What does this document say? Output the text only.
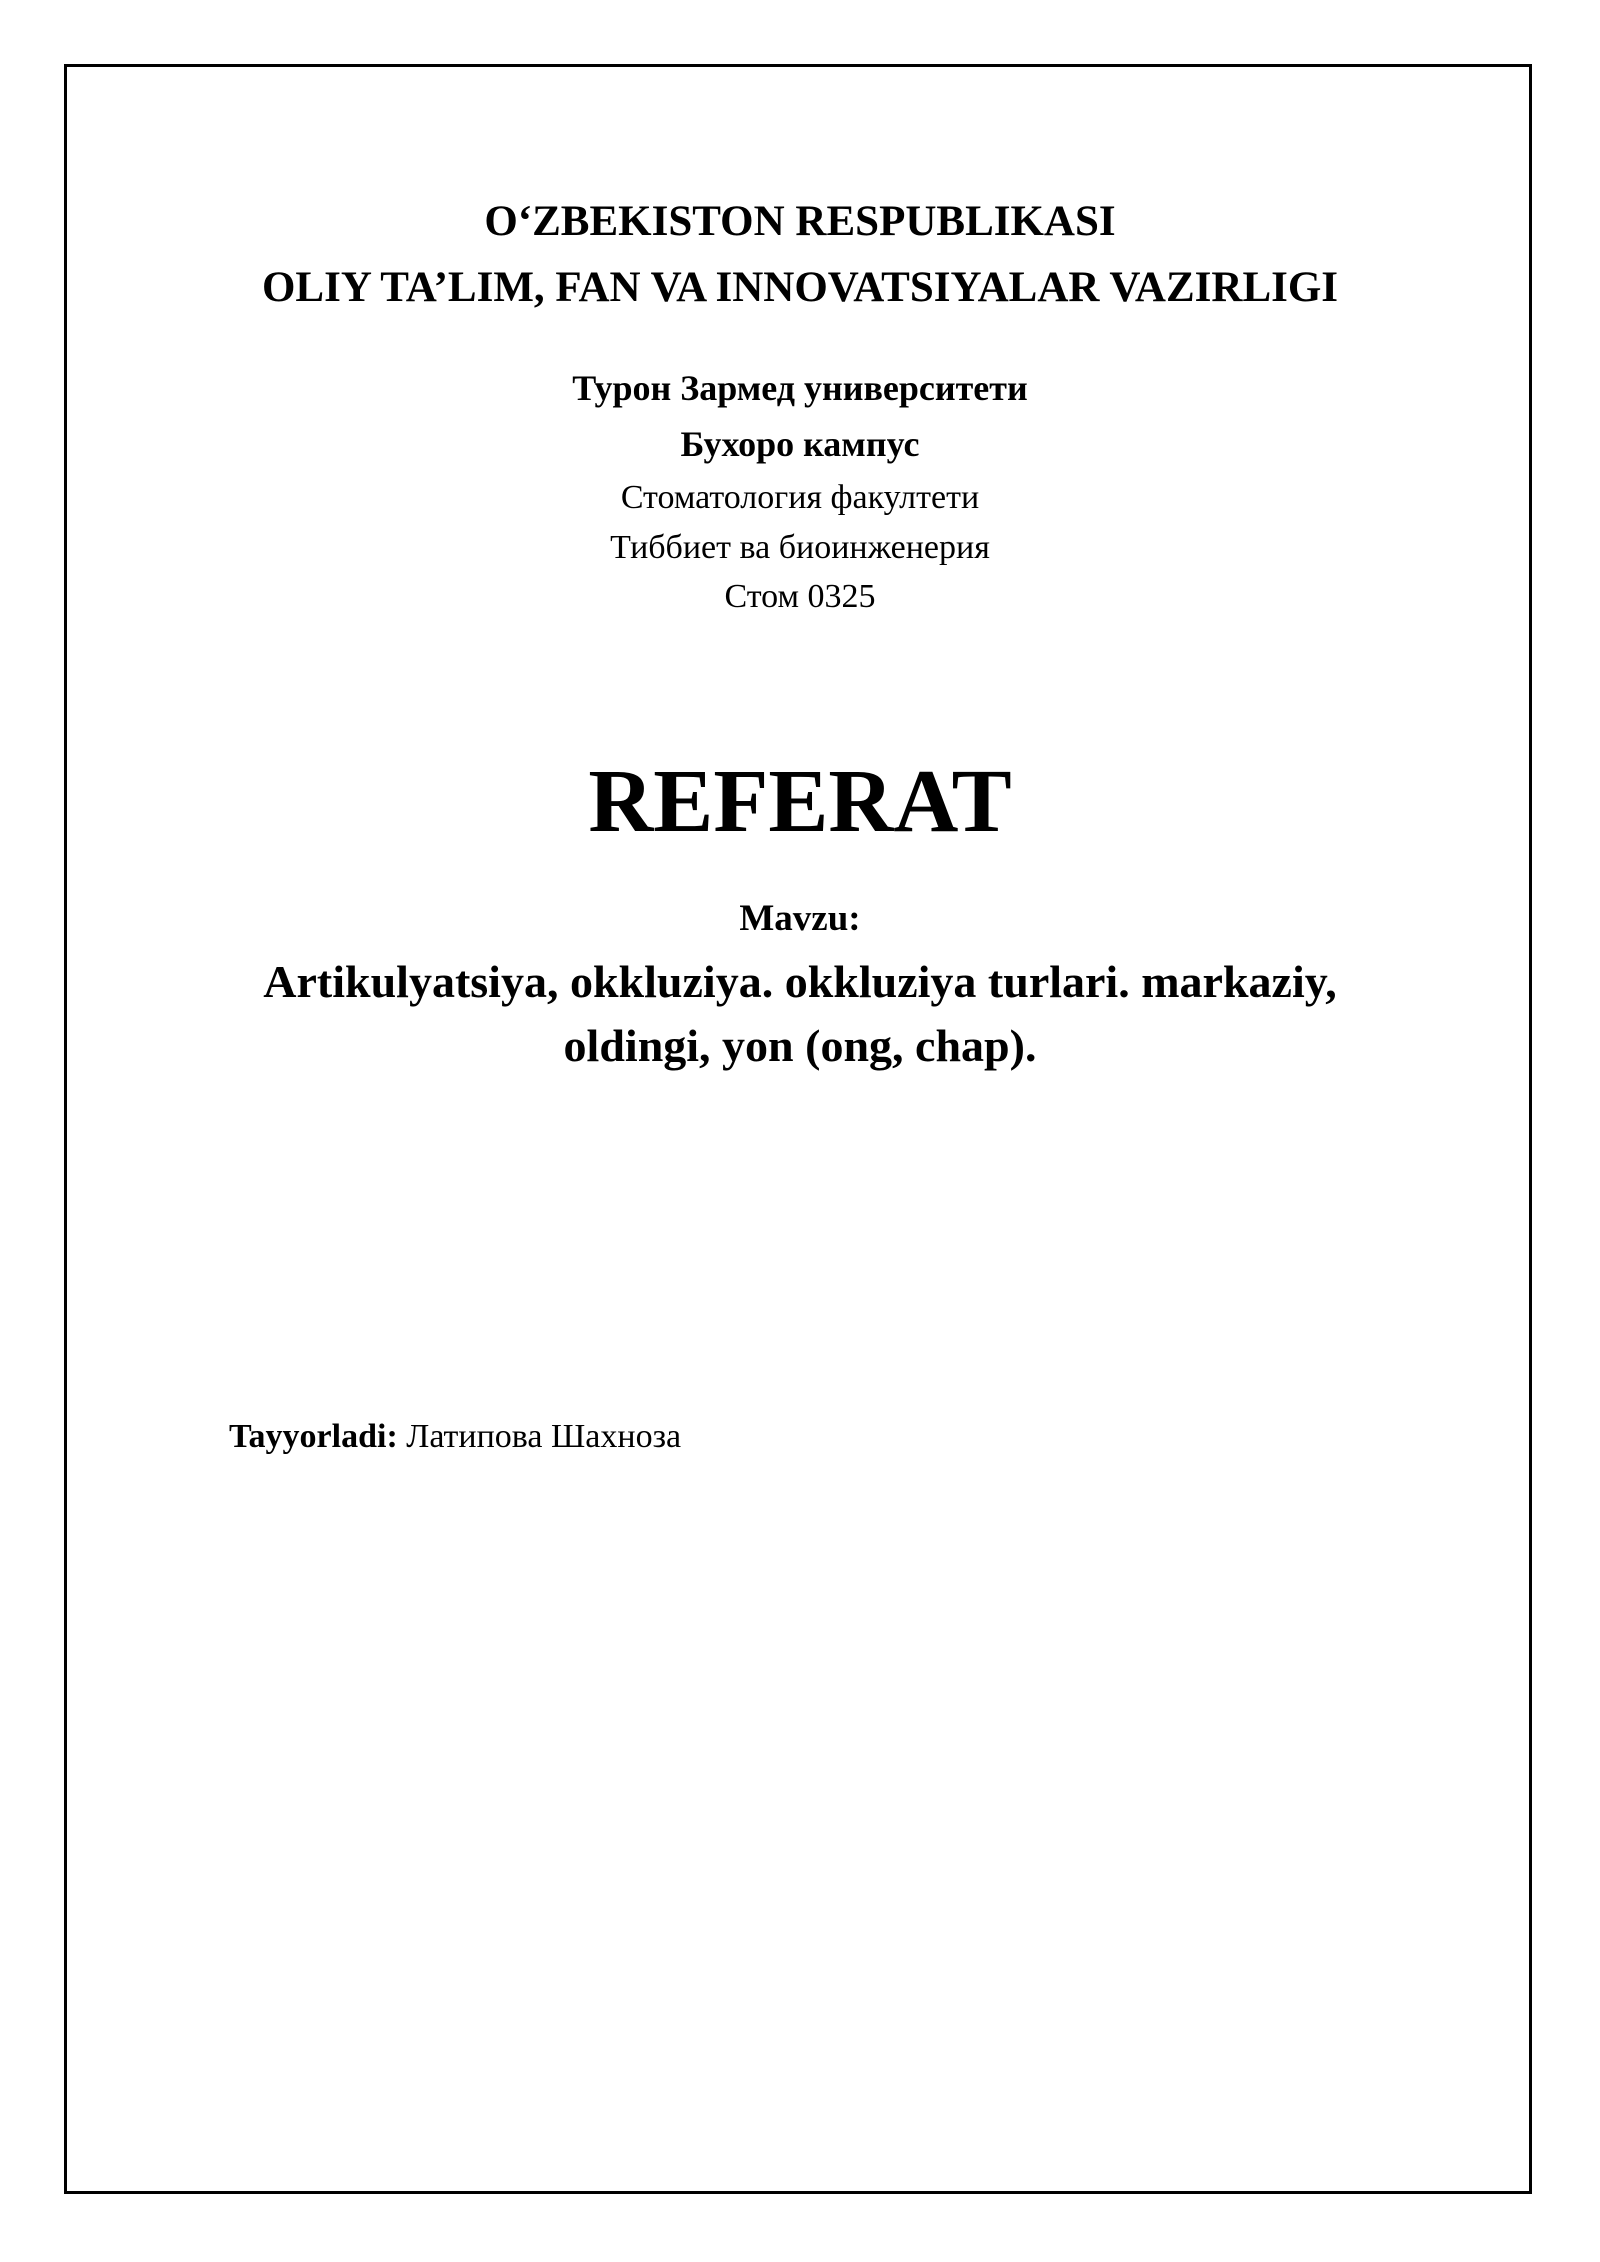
O‘ZBEKISTON RESPUBLIKASI
OLIY TA’LIM, FAN VA INNOVATSIYALAR VAZIRLIGI
Турон Зармед университети
Бухоро кампус
Стоматология факултети
Тиббиет ва биоинженерия
Стом 0325
REFERAT
Mavzu:
Artikulyatsiya, okkluziya. okkluziya turlari. markaziy,
oldingi, yon (ong, chap).
Tayyorladi: Латипова Шахноза
